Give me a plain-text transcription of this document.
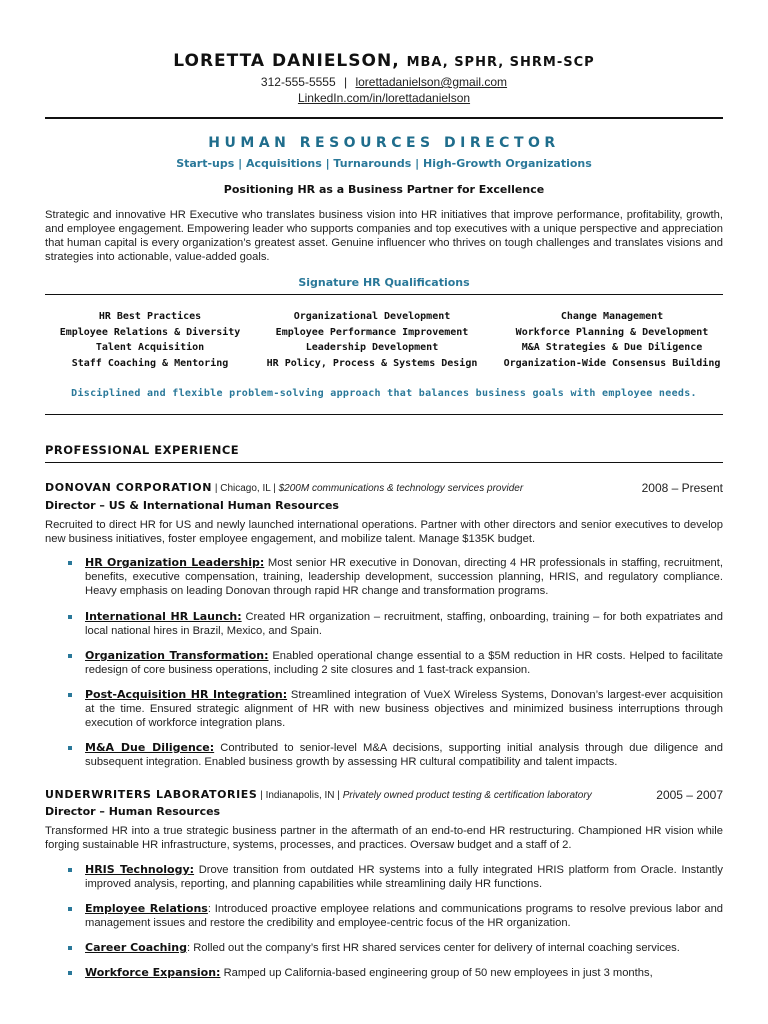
LORETTA DANIELSON, MBA, SPHR, SHRM-SCP
312-555-5555 | lorettadanielson@gmail.com
LinkedIn.com/in/lorettadanielson
HUMAN RESOURCES DIRECTOR
Start-ups | Acquisitions | Turnarounds | High-Growth Organizations
Positioning HR as a Business Partner for Excellence
Strategic and innovative HR Executive who translates business vision into HR initiatives that improve performance, profitability, growth, and employee engagement. Empowering leader who supports companies and top executives with a unique perspective and appreciation that human capital is every organization’s greatest asset. Genuine influencer who thrives on tough challenges and translates visions and strategies into actionable, value-added goals.
Signature HR Qualifications
HR Best Practices
Employee Relations & Diversity
Talent Acquisition
Staff Coaching & Mentoring
Organizational Development
Employee Performance Improvement
Leadership Development
HR Policy, Process & Systems Design
Change Management
Workforce Planning & Development
M&A Strategies & Due Diligence
Organization-Wide Consensus Building
Disciplined and flexible problem-solving approach that balances business goals with employee needs.
PROFESSIONAL EXPERIENCE
DONOVAN CORPORATION | Chicago, IL | $200M communications & technology services provider	2008 – Present
Director – US & International Human Resources
Recruited to direct HR for US and newly launched international operations. Partner with other directors and senior executives to develop new business initiatives, foster employee engagement, and mobilize talent. Manage $135K budget.
HR Organization Leadership: Most senior HR executive in Donovan, directing 4 HR professionals in staffing, recruitment, benefits, executive compensation, training, leadership development, succession planning, HRIS, and regulatory compliance. Heavy emphasis on leading Donovan through rapid HR change and transformation programs.
International HR Launch: Created HR organization – recruitment, staffing, onboarding, training – for both expatriates and local national hires in Brazil, Mexico, and Spain.
Organization Transformation: Enabled operational change essential to a $5M reduction in HR costs. Helped to facilitate redesign of core business operations, including 2 site closures and 1 fast-track expansion.
Post-Acquisition HR Integration: Streamlined integration of VueX Wireless Systems, Donovan’s largest-ever acquisition at the time. Ensured strategic alignment of HR with new business objectives and minimized business interruptions through execution of workforce integration plans.
M&A Due Diligence: Contributed to senior-level M&A decisions, supporting initial analysis through due diligence and subsequent integration. Enabled business growth by assessing HR cultural compatibility and talent impacts.
UNDERWRITERS LABORATORIES | Indianapolis, IN | Privately owned product testing & certification laboratory	2005 – 2007
Director – Human Resources
Transformed HR into a true strategic business partner in the aftermath of an end-to-end HR restructuring. Championed HR vision while forging sustainable HR infrastructure, systems, processes, and practices. Oversaw budget and a staff of 2.
HRIS Technology: Drove transition from outdated HR systems into a fully integrated HRIS platform from Oracle. Instantly improved analysis, reporting, and planning capabilities while streamlining daily HR functions.
Employee Relations: Introduced proactive employee relations and communications programs to resolve previous labor and management issues and restore the credibility and employee-centric focus of the HR organization.
Career Coaching: Rolled out the company’s first HR shared services center for delivery of internal coaching services.
Workforce Expansion: Ramped up California-based engineering group of 50 new employees in just 3 months,
